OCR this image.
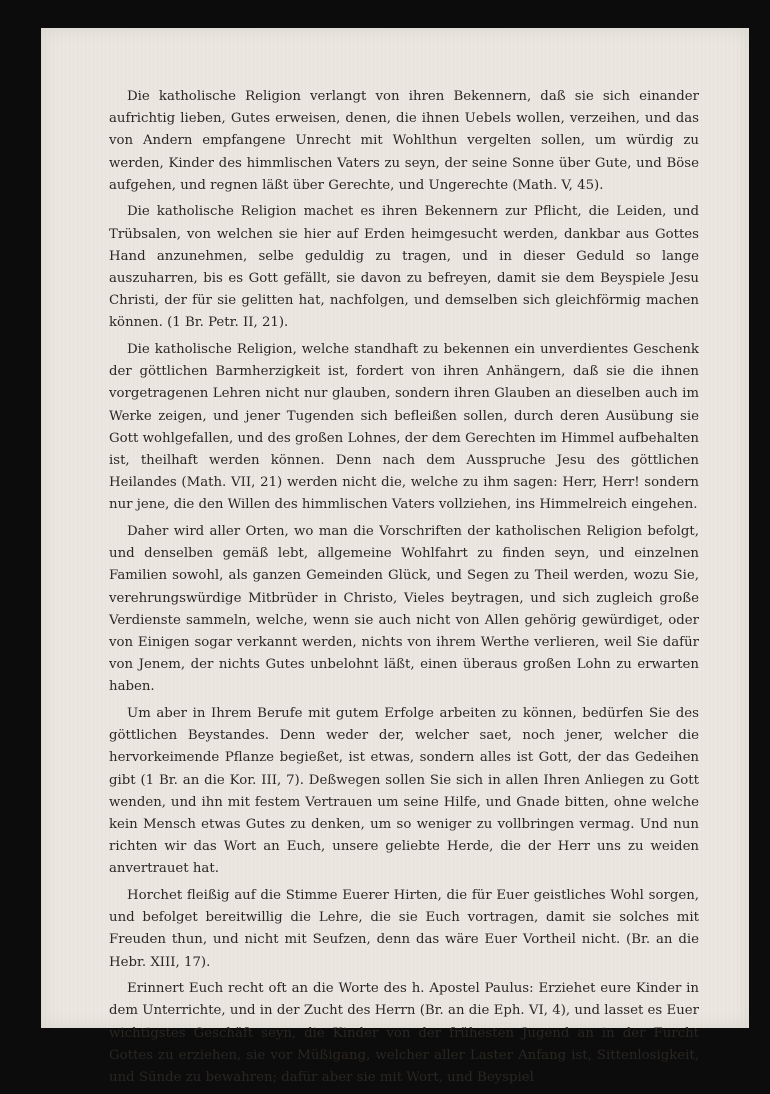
Die katholische Religion verlangt von ihren Bekennern, daß sie sich einander aufrichtig lieben, Gutes erweisen, denen, die ihnen Uebels wollen, verzeihen, und das von Andern empfangene Unrecht mit Wohlthun vergelten sollen, um würdig zu werden, Kinder des himmlischen Vaters zu seyn, der seine Sonne über Gute, und Böse aufgehen, und regnen läßt über Gerechte, und Ungerechte (Math. V, 45).

Die katholische Religion machet es ihren Bekennern zur Pflicht, die Leiden, und Trübsalen, von welchen sie hier auf Erden heimgesucht werden, dankbar aus Gottes Hand anzunehmen, selbe geduldig zu tragen, und in dieser Geduld so lange auszuharren, bis es Gott gefällt, sie davon zu befreyen, damit sie dem Beyspiele Jesu Christi, der für sie gelitten hat, nachfolgen, und demselben sich gleichförmig machen können. (1 Br. Petr. II, 21).

Die katholische Religion, welche standhaft zu bekennen ein unverdientes Geschenk der göttlichen Barmherzigkeit ist, fordert von ihren Anhängern, daß sie die ihnen vorgetragenen Lehren nicht nur glauben, sondern ihren Glauben an dieselben auch im Werke zeigen, und jener Tugenden sich befleißen sollen, durch deren Ausübung sie Gott wohlgefallen, und des großen Lohnes, der dem Gerechten im Himmel aufbehalten ist, theilhaft werden können. Denn nach dem Ausspruche Jesu des göttlichen Heilandes (Math. VII, 21) werden nicht die, welche zu ihm sagen: Herr, Herr! sondern nur jene, die den Willen des himmlischen Vaters vollziehen, ins Himmelreich eingehen.

Daher wird aller Orten, wo man die Vorschriften der katholischen Religion befolgt, und denselben gemäß lebt, allgemeine Wohlfahrt zu finden seyn, und einzelnen Familien sowohl, als ganzen Gemeinden Glück, und Segen zu Theil werden, wozu Sie, verehrungswürdige Mitbrüder in Christo, Vieles beytragen, und sich zugleich große Verdienste sammeln, welche, wenn sie auch nicht von Allen gehörig gewürdiget, oder von Einigen sogar verkannt werden, nichts von ihrem Werthe verlieren, weil Sie dafür von Jenem, der nichts Gutes unbelohnt läßt, einen überaus großen Lohn zu erwarten haben.

Um aber in Ihrem Berufe mit gutem Erfolge arbeiten zu können, bedürfen Sie des göttlichen Beystandes. Denn weder der, welcher saet, noch jener, welcher die hervorkeimende Pflanze begießet, ist etwas, sondern alles ist Gott, der das Gedeihen gibt (1 Br. an die Kor. III, 7). Deßwegen sollen Sie sich in allen Ihren Anliegen zu Gott wenden, und ihn mit festem Vertrauen um seine Hilfe, und Gnade bitten, ohne welche kein Mensch etwas Gutes zu denken, um so weniger zu vollbringen vermag. Und nun richten wir das Wort an Euch, unsere geliebte Herde, die der Herr uns zu weiden anvertrauet hat.

Horchet fleißig auf die Stimme Euerer Hirten, die für Euer geistliches Wohl sorgen, und befolget bereitwillig die Lehre, die sie Euch vortragen, damit sie solches mit Freuden thun, und nicht mit Seufzen, denn das wäre Euer Vortheil nicht. (Br. an die Hebr. XIII, 17).

Erinnert Euch recht oft an die Worte des h. Apostel Paulus: Erziehet eure Kinder in dem Unterrichte, und in der Zucht des Herrn (Br. an die Eph. VI, 4), und lasset es Euer wichtigstes Geschäft seyn, die Kinder von der frühesten Jugend an in der Furcht Gottes zu erziehen, sie vor Müßigang, welcher aller Laster Anfang ist, Sittenlosigkeit, und Sünde zu bewahren; dafür aber sie mit Wort, und Beyspiel
